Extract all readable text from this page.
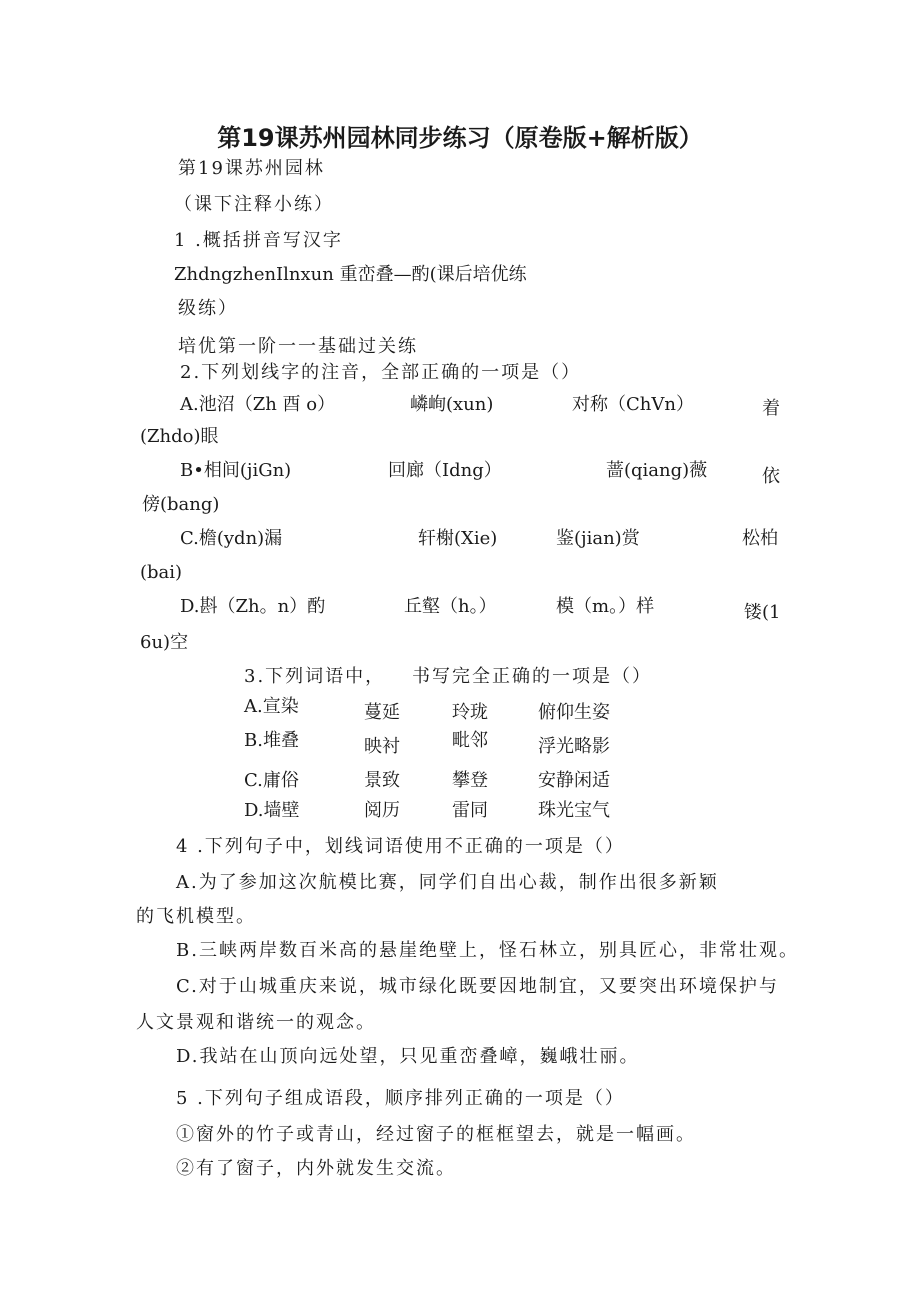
第19课苏州园林同步练习（原卷版+解析版）
第19课苏州园林
（课下注释小练）
1 .概括拼音写汉字
ZhdngzhenIlnxun 重峦叠—酌(课后培优练
级练）
培优第一阶一一基础过关练
2.下列划线字的注音，全部正确的一项是（）
A.池沼（Zh 酉 o）	嶙峋(xun)	对称（ChVn）	着
(Zhdo)眼
B•相间(jiGn)	回廊（Idng）	蔷(qiang)薇	依
傍(bang)
C.檐(ydn)漏	轩榭(Xie)	鉴(jian)赏	松柏
(bai)
D.斟（Zh。n）酌	丘壑（h。）	模（m。）样	镂(1
6u)空
3.下列词语中， 书写完全正确的一项是（）
A.宣染	蔓延	玲珑	俯仰生姿
B.堆叠	映衬	毗邻	浮光略影
C.庸俗	景致	攀登	安静闲适
D.墙壁	阅历	雷同	珠光宝气
4 .下列句子中，划线词语使用不正确的一项是（）
A.为了参加这次航模比赛，同学们自出心裁，制作出很多新颖
的飞机模型。
B.三峡两岸数百米高的悬崖绝壁上，怪石林立，别具匠心，非常壮观。
C.对于山城重庆来说，城市绿化既要因地制宜，又要突出环境保护与
人文景观和谐统一的观念。
D.我站在山顶向远处望，只见重峦叠嶂，巍峨壮丽。
5 .下列句子组成语段，顺序排列正确的一项是（）
①窗外的竹子或青山，经过窗子的框框望去，就是一幅画。
②有了窗子，内外就发生交流。
